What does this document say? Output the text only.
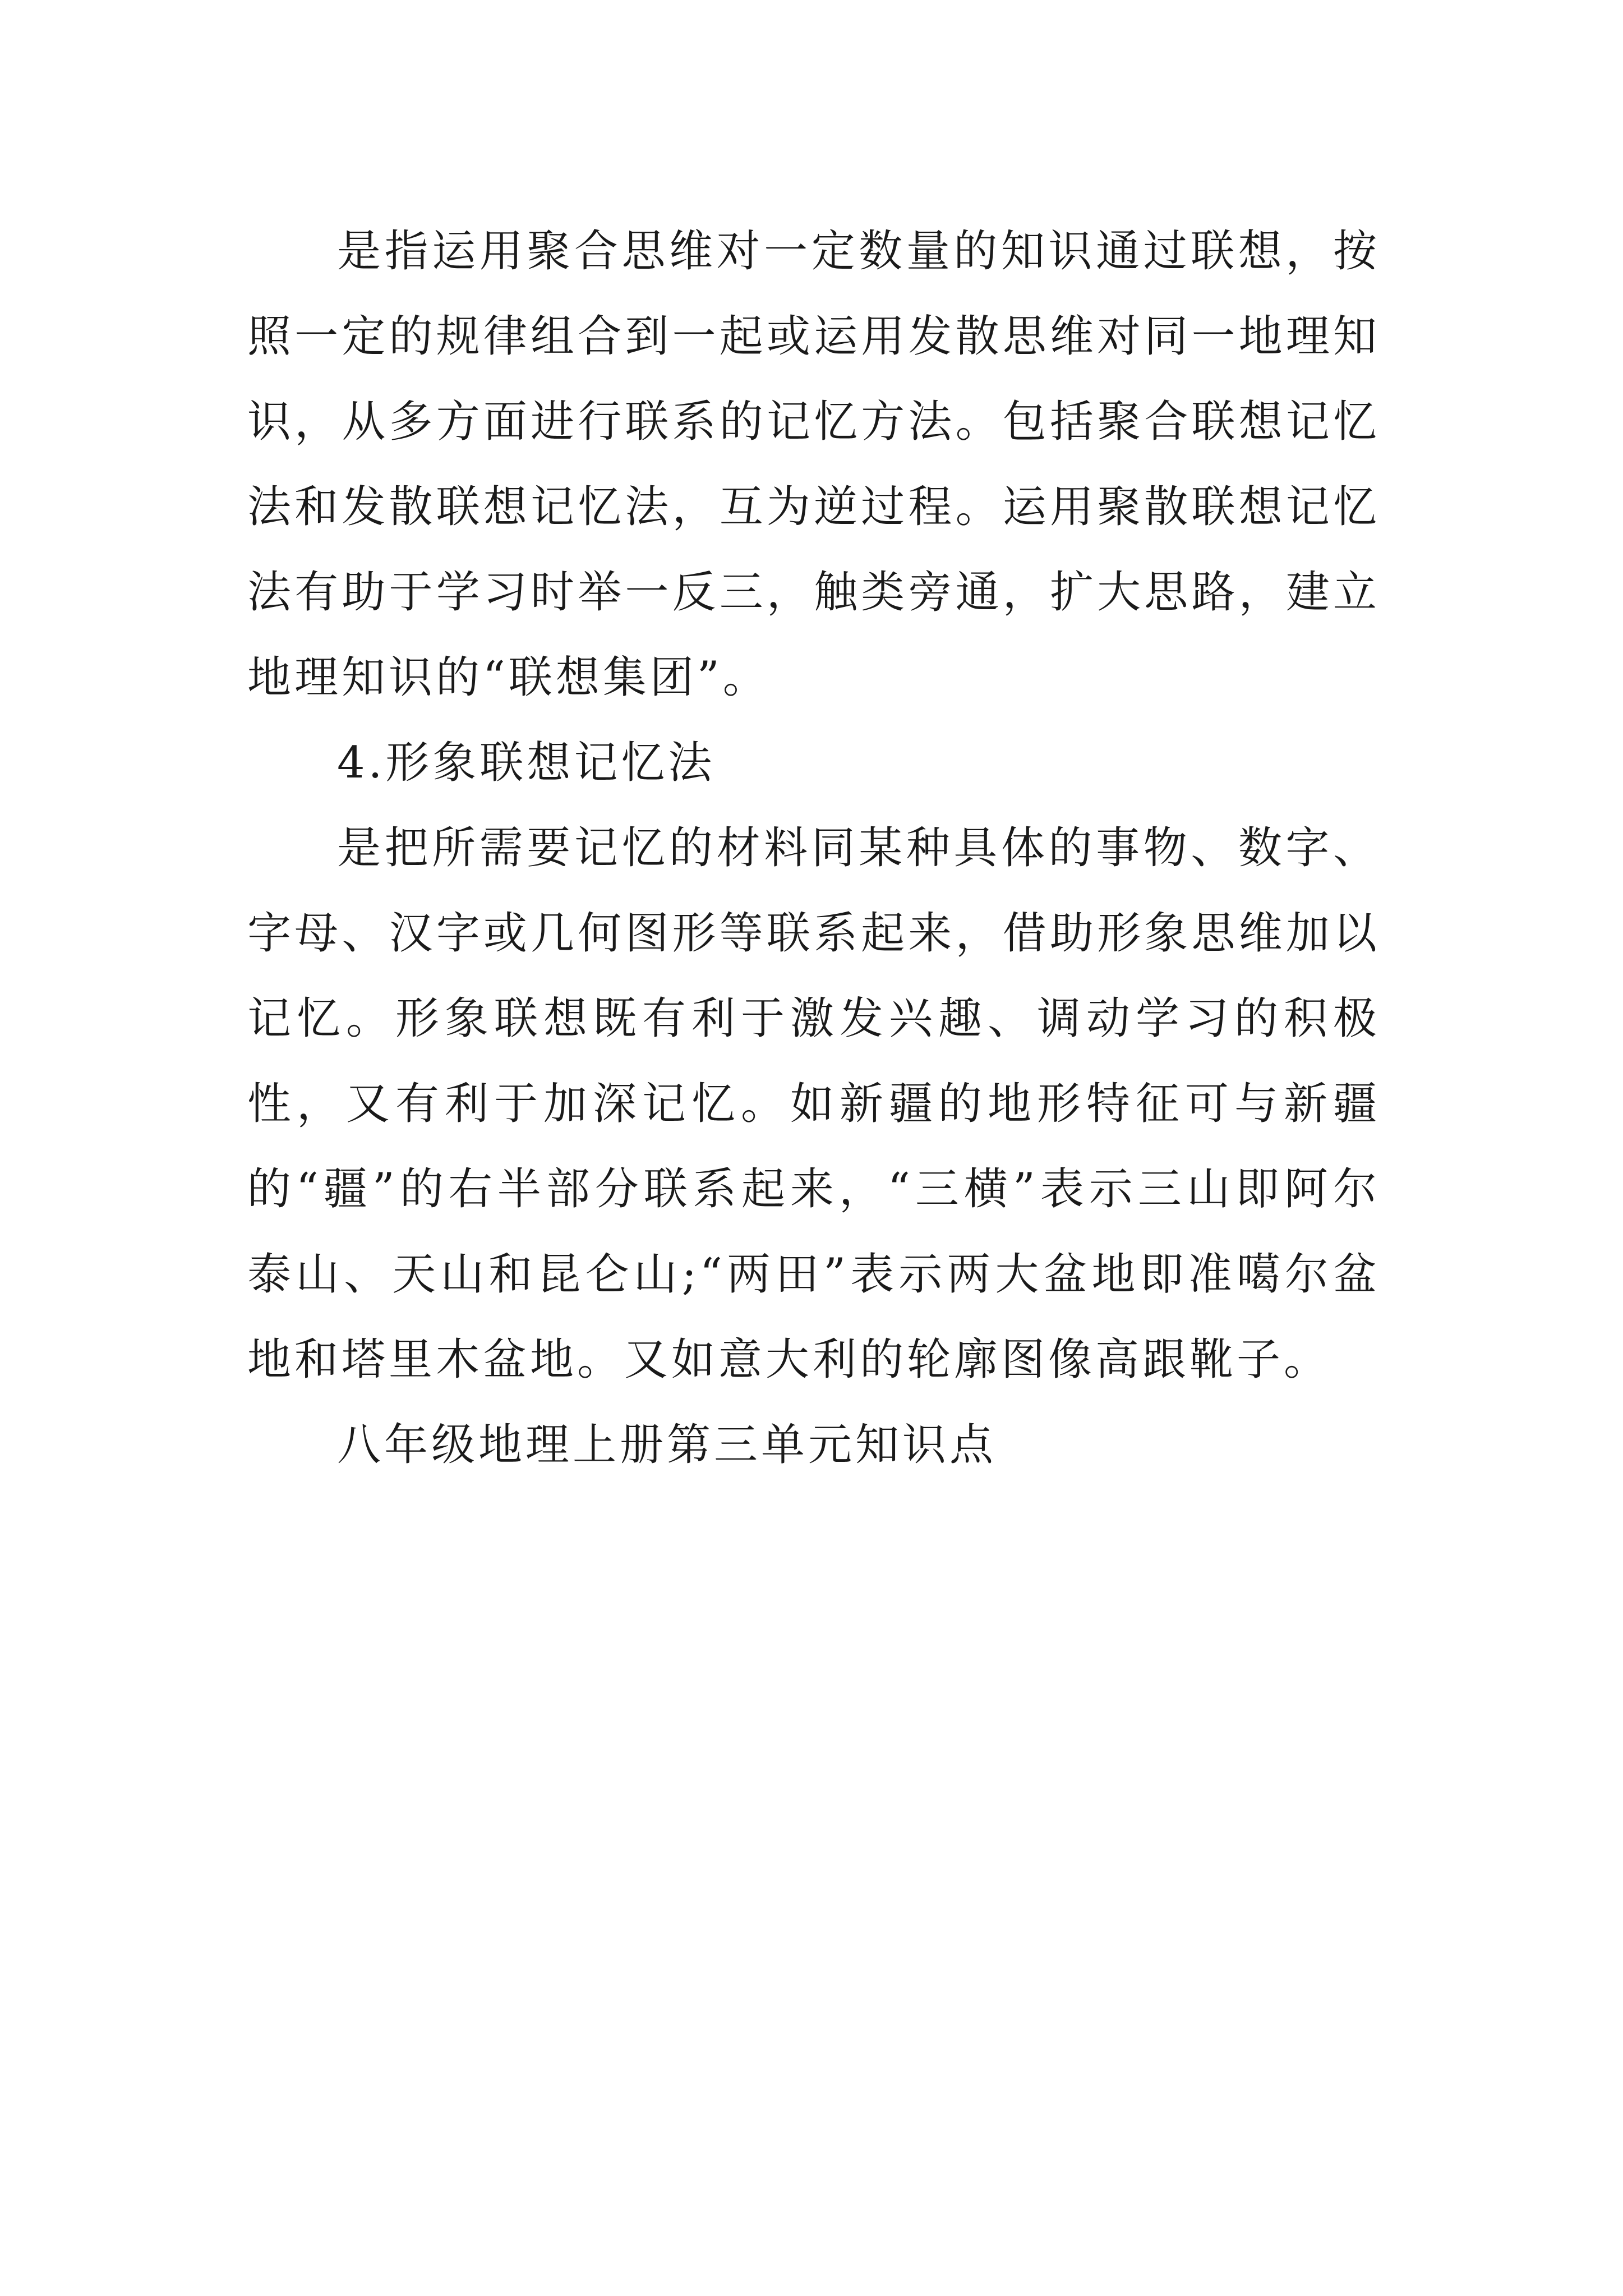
是指运用聚合思维对一定数量的知识通过联想，按照一定的规律组合到一起或运用发散思维对同一地理知识，从多方面进行联系的记忆方法。包括聚合联想记忆法和发散联想记忆法，互为逆过程。运用聚散联想记忆法有助于学习时举一反三，触类旁通，扩大思路，建立地理知识的“联想集团”。

4.形象联想记忆法

是把所需要记忆的材料同某种具体的事物、数字、字母、汉字或几何图形等联系起来，借助形象思维加以记忆。形象联想既有利于激发兴趣、调动学习的积极性，又有利于加深记忆。如新疆的地形特征可与新疆的“疆”的右半部分联系起来，“三横”表示三山即阿尔泰山、天山和昆仑山;“两田”表示两大盆地即准噶尔盆地和塔里木盆地。又如意大利的轮廓图像高跟靴子。

八年级地理上册第三单元知识点
